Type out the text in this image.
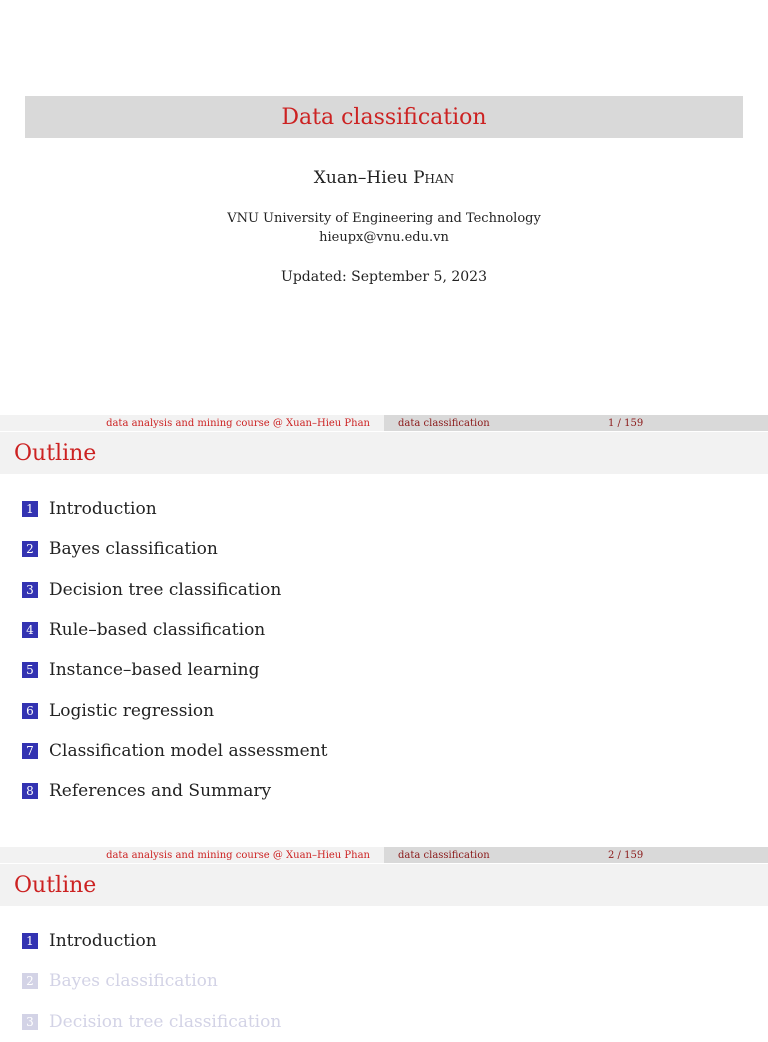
Data classification
Xuan–Hieu Phan
VNU University of Engineering and Technology
hieupx@vnu.edu.vn
Updated: September 5, 2023
data analysis and mining course @ Xuan–Hieu Phan	data classification	1 / 159
Outline
1 Introduction
2 Bayes classification
3 Decision tree classification
4 Rule–based classification
5 Instance–based learning
6 Logistic regression
7 Classification model assessment
8 References and Summary
data analysis and mining course @ Xuan–Hieu Phan	data classification	2 / 159
Outline
1 Introduction
2 Bayes classification
3 Decision tree classification
